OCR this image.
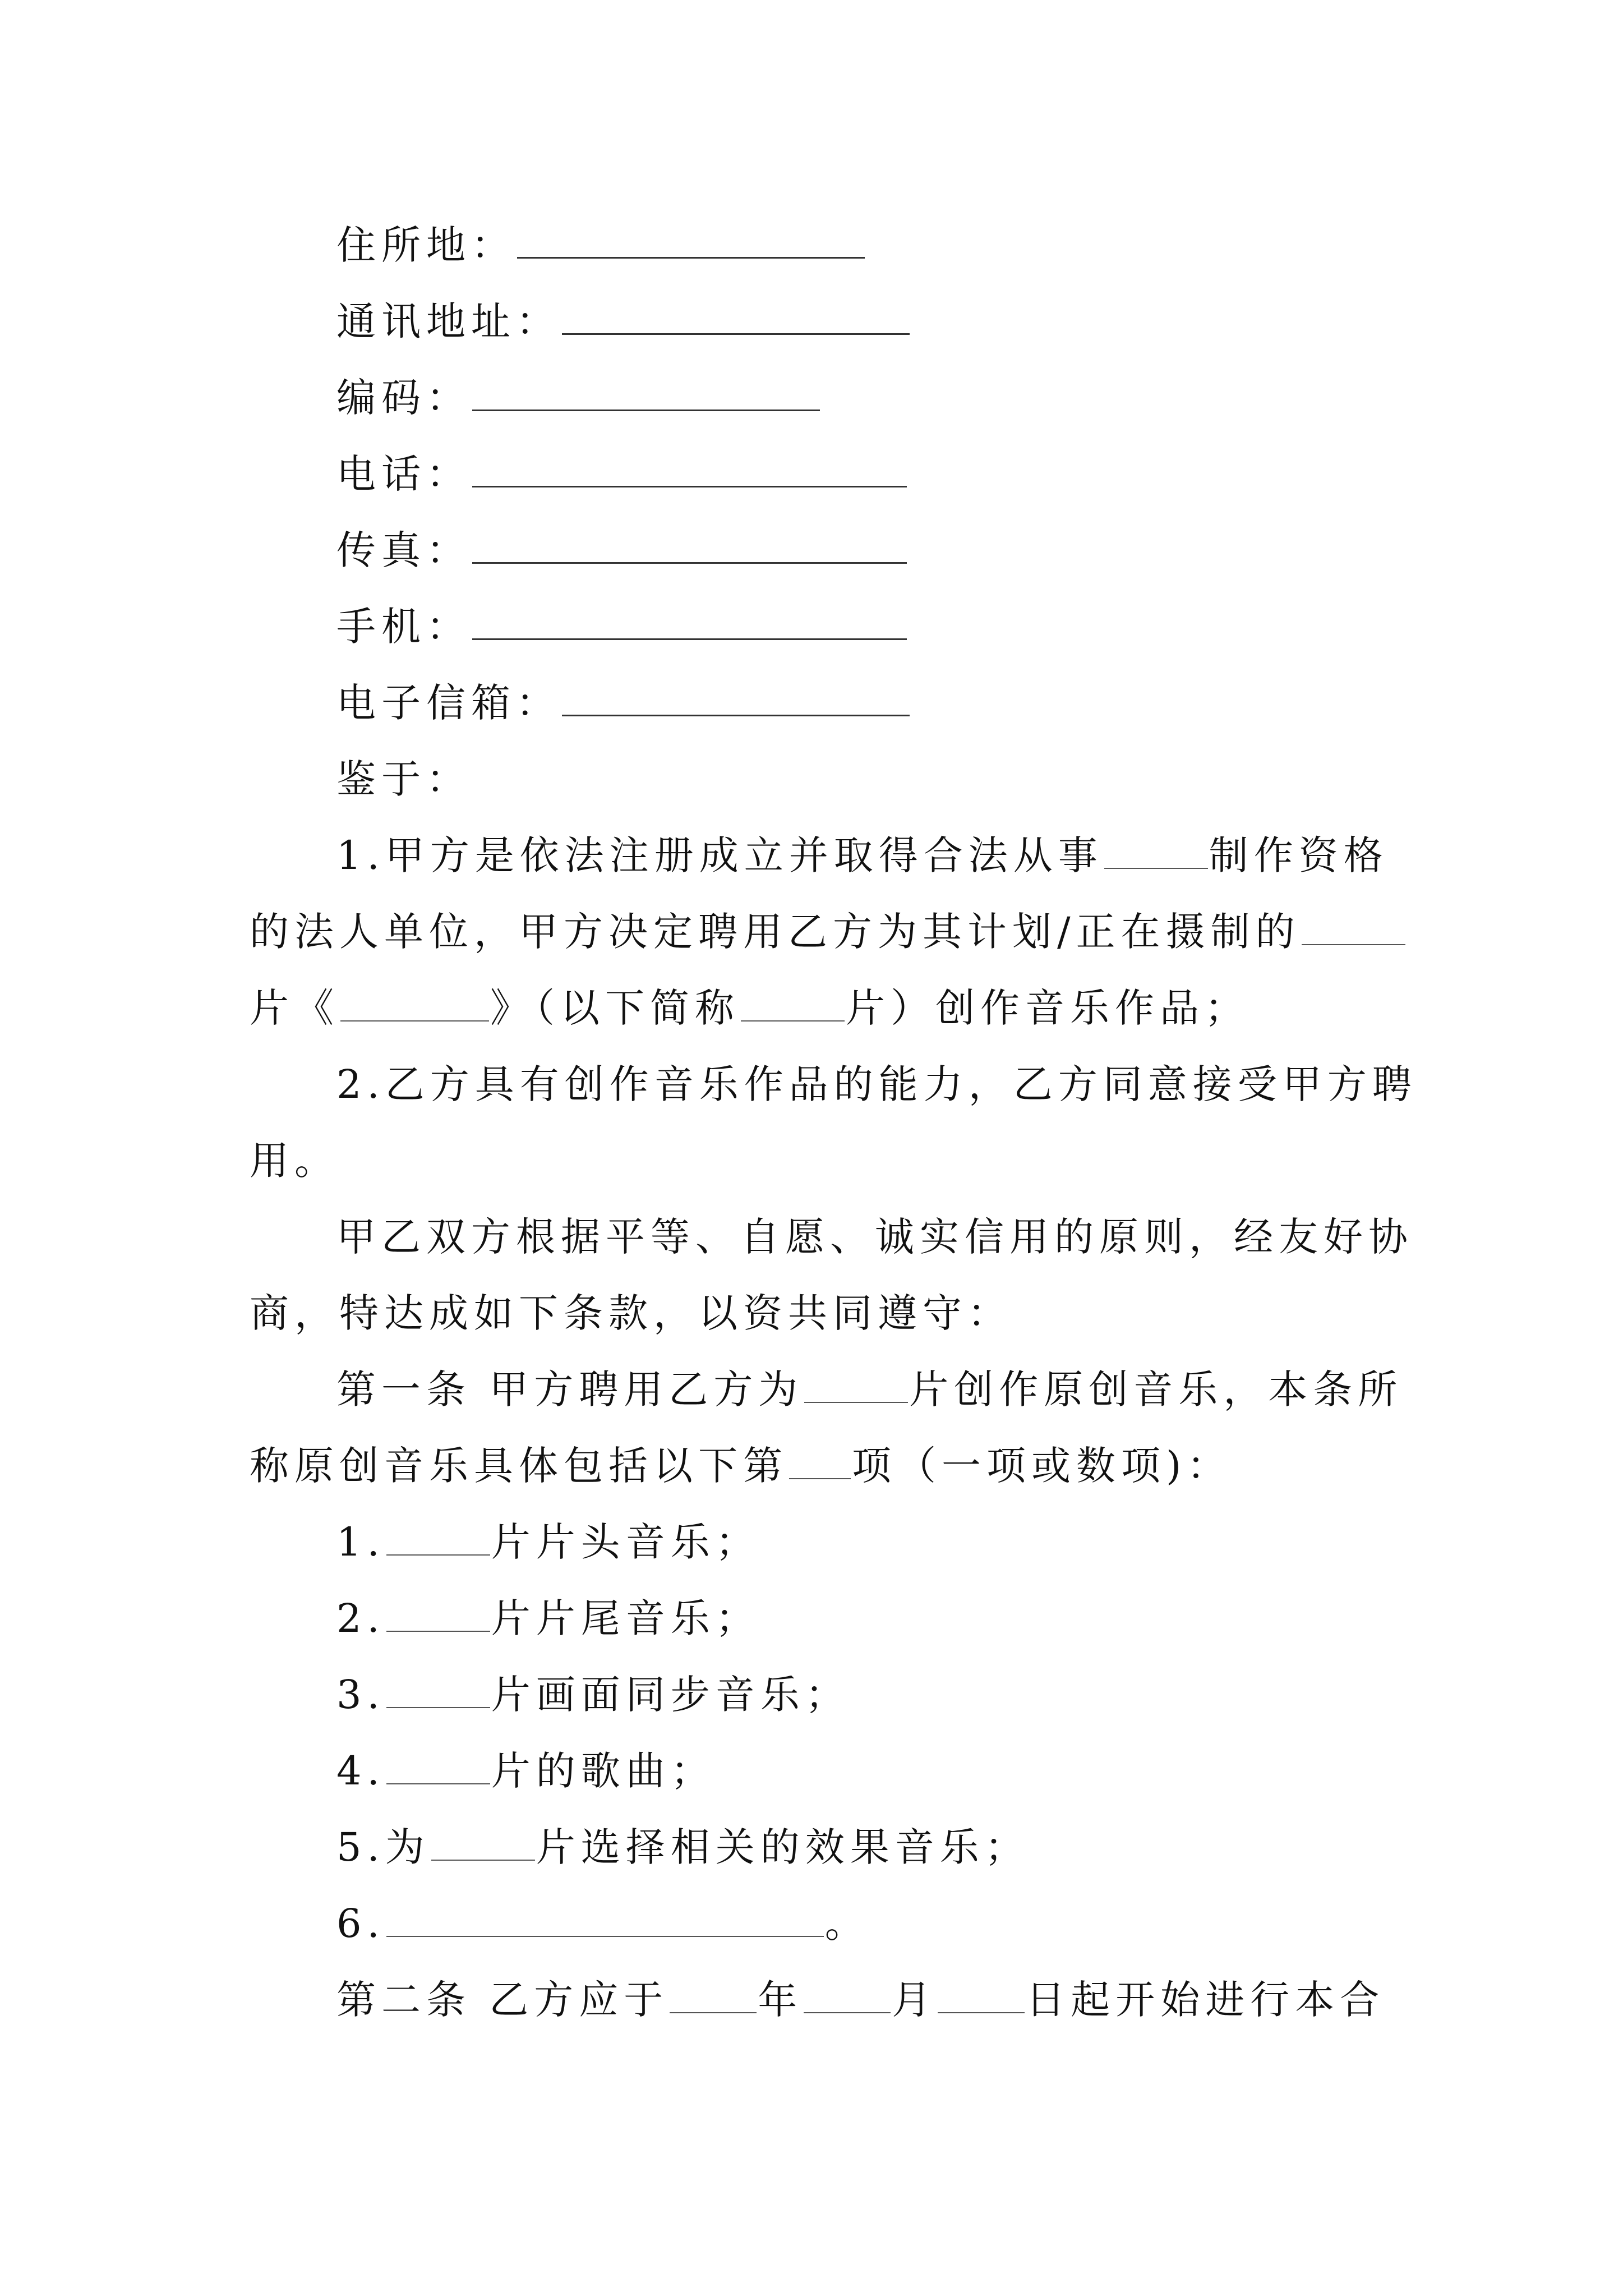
住所地：
通讯地址：
编码：
电话：
传真：
手机：
电子信箱：
鉴于：
1.甲方是依法注册成立并取得合法从事	制作资格
的法人单位，甲方决定聘用乙方为其计划/正在摄制的
片《	》（以下简称	片）创作音乐作品；
2.乙方具有创作音乐作品的能力，乙方同意接受甲方聘
用。
甲乙双方根据平等、自愿、诚实信用的原则，经友好协
商，特达成如下条款，以资共同遵守：
第一条 甲方聘用乙方为	片创作原创音乐，本条所
称原创音乐具体包括以下第 项（一项或数项)：
1.	片片头音乐；
2.	片片尾音乐；
3.	片画面同步音乐；
4.	片的歌曲；
5.为	片选择相关的效果音乐；
6.	。
第二条 乙方应于 年 月 日起开始进行本合
